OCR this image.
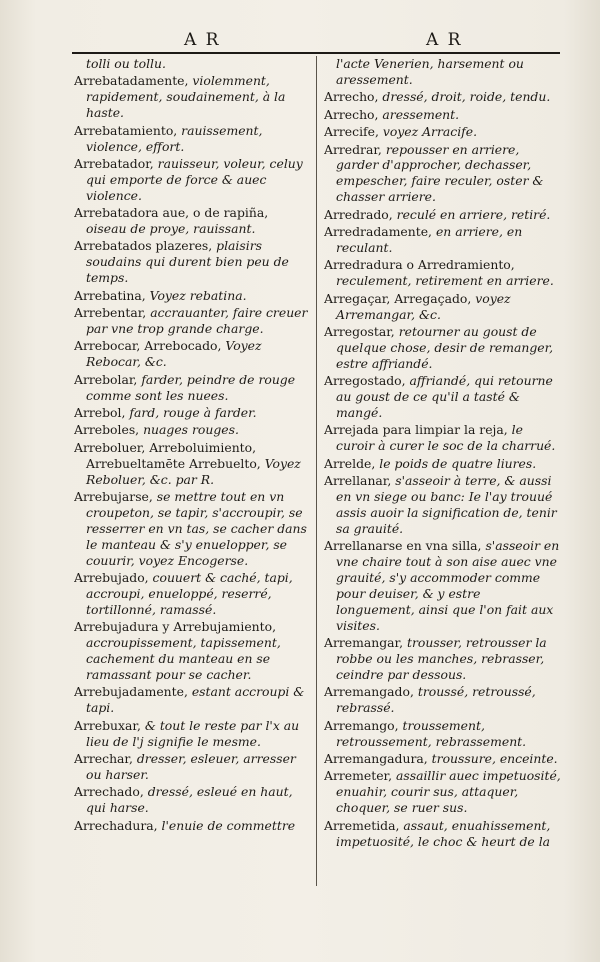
A R	A R
tolli ou tollu.
Arrebatadamente, violemment, rapidement, soudainement, à la haste.
Arrebatamiento, rauissement, violence, effort.
Arrebatador, rauisseur, voleur, celuy qui emporte de force & auec violence.
Arrebatadora aue, o de rapiña, oiseau de proye, rauissant.
Arrebatados plazeres, plaisirs soudains qui durent bien peu de temps.
Arrebatina, Voyez rebatina.
Arrebentar, accrauanter, faire creuer par vne trop grande charge.
Arrebocar, Arrebocado, Voyez Rebocar, &c.
Arrebolar, farder, peindre de rouge comme sont les nuees.
Arrebol, fard, rouge à farder.
Arreboles, nuages rouges.
Arreboluer, Arreboluimiento, Arrebueltamēte Arrebuelto, Voyez Reboluer, &c. par R.
Arrebujarse, se mettre tout en vn croupeton, se tapir, s'accroupir, se resserrer en vn tas, se cacher dans le manteau & s'y enuelopper, se couurir, voyez Encogerse.
Arrebujado, couuert & caché, tapi, accroupi, enueloppé, reserré, tortillonné, ramassé.
Arrebujadura y Arrebujamiento, accroupissement, tapissement, cachement du manteau en se ramassant pour se cacher.
Arrebujadamente, estant accroupi & tapi.
Arrebuxar, & tout le reste par l'x au lieu de l'j signifie le mesme.
Arrechar, dresser, esleuer, arresser ou harser.
Arrechado, dressé, esleué en haut, qui harse.
Arrechadura, l'enuie de commettre
l'acte Venerien, harsement ou aressement.
Arrecho, dressé, droit, roide, tendu.
Arrecho, aressement.
Arrecife, voyez Arracife.
Arredrar, repousser en arriere, garder d'approcher, dechasser, empescher, faire reculer, oster & chasser arriere.
Arredrado, reculé en arriere, retiré.
Arredradamente, en arriere, en reculant.
Arredradura o Arredramiento, reculement, retirement en arriere.
Arregaçar, Arregaçado, voyez Arremangar, &c.
Arregostar, retourner au goust de quelque chose, desir de remanger, estre affriandé.
Arregostado, affriandé, qui retourne au goust de ce qu'il a tasté & mangé.
Arrejada para limpiar la reja, le curoir à curer le soc de la charrué.
Arrelde, le poids de quatre liures.
Arrellanar, s'asseoir à terre, & aussi en vn siege ou banc: Ie l'ay trouué assis auoir la signification de, tenir sa grauité.
Arrellanarse en vna silla, s'asseoir en vne chaire tout à son aise auec vne grauité, s'y accommoder comme pour deuiser, & y estre longuement, ainsi que l'on fait aux visites.
Arremangar, trousser, retrousser la robbe ou les manches, rebrasser, ceindre par dessous.
Arremangado, troussé, retroussé, rebrassé.
Arremango, troussement, retroussement, rebrassement.
Arremangadura, troussure, enceinte.
Arremeter, assaillir auec impetuosité, enuahir, courir sus, attaquer, choquer, se ruer sus.
Arremetida, assaut, enuahissement, impetuosité, le choc & heurt de la
